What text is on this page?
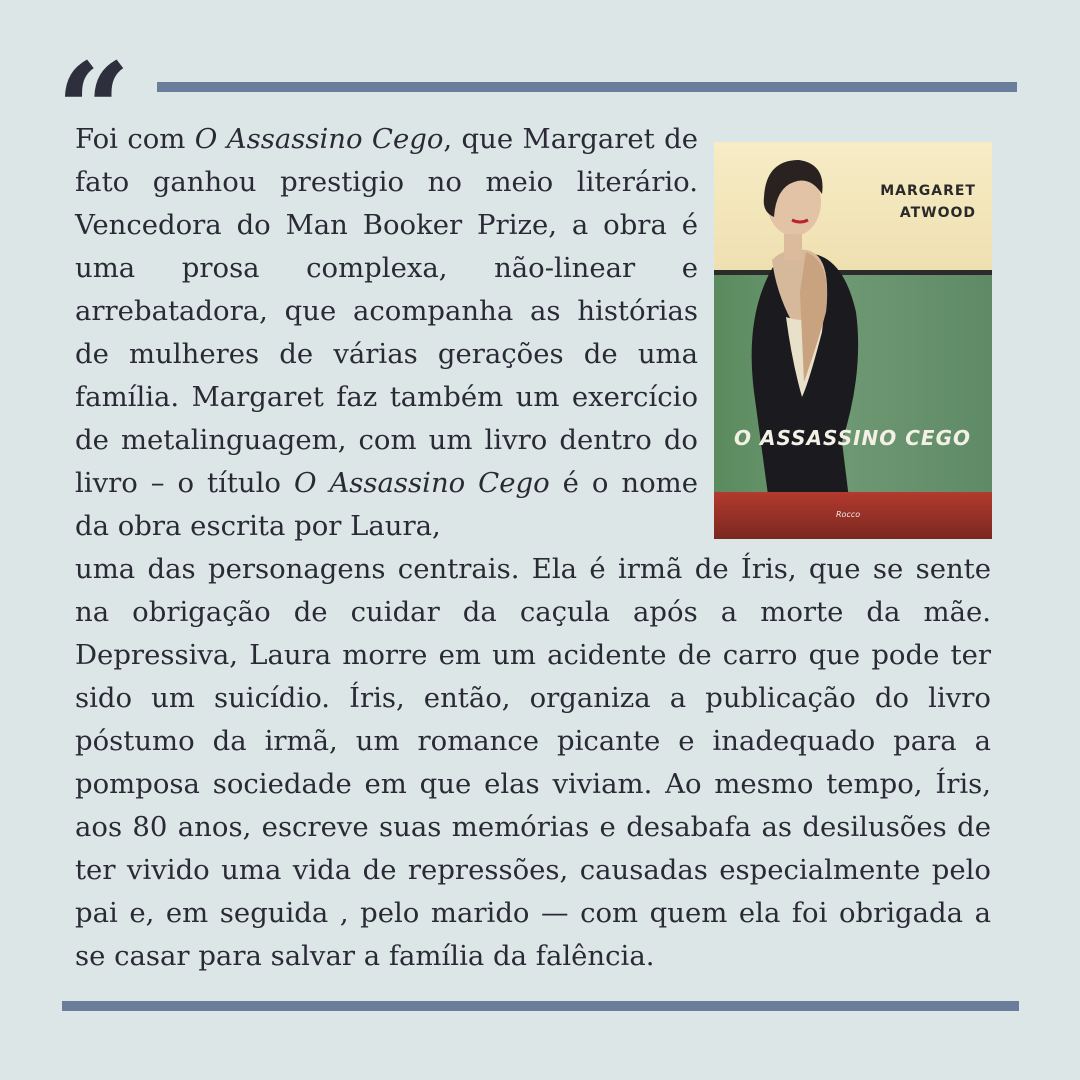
Foi com O Assassino Cego, que Margaret de fato ganhou prestigio no meio literário. Vencedora do Man Booker Prize, a obra é uma prosa complexa, não-linear e arrebatadora, que acompanha as histórias de mulheres de várias gerações de uma família. Margaret faz também um exercício de metalinguagem, com um livro dentro do livro – o título O Assassino Cego é o nome da obra escrita por Laura,

MARGARET
ATWOOD
O ASSASSINO CEGO
Rocco

uma das personagens centrais. Ela é irmã de Íris, que se sente na obrigação de cuidar da caçula após a morte da mãe. Depressiva, Laura morre em um acidente de carro que pode ter sido um suicídio. Íris, então, organiza a publicação do livro póstumo da irmã, um romance picante e inadequado para a pomposa sociedade em que elas viviam. Ao mesmo tempo, Íris, aos 80 anos, escreve suas memórias e desabafa as desilusões de ter vivido uma vida de repressões, causadas especialmente pelo pai e, em seguida , pelo marido — com quem ela foi obrigada a se casar para salvar a família da falência.
